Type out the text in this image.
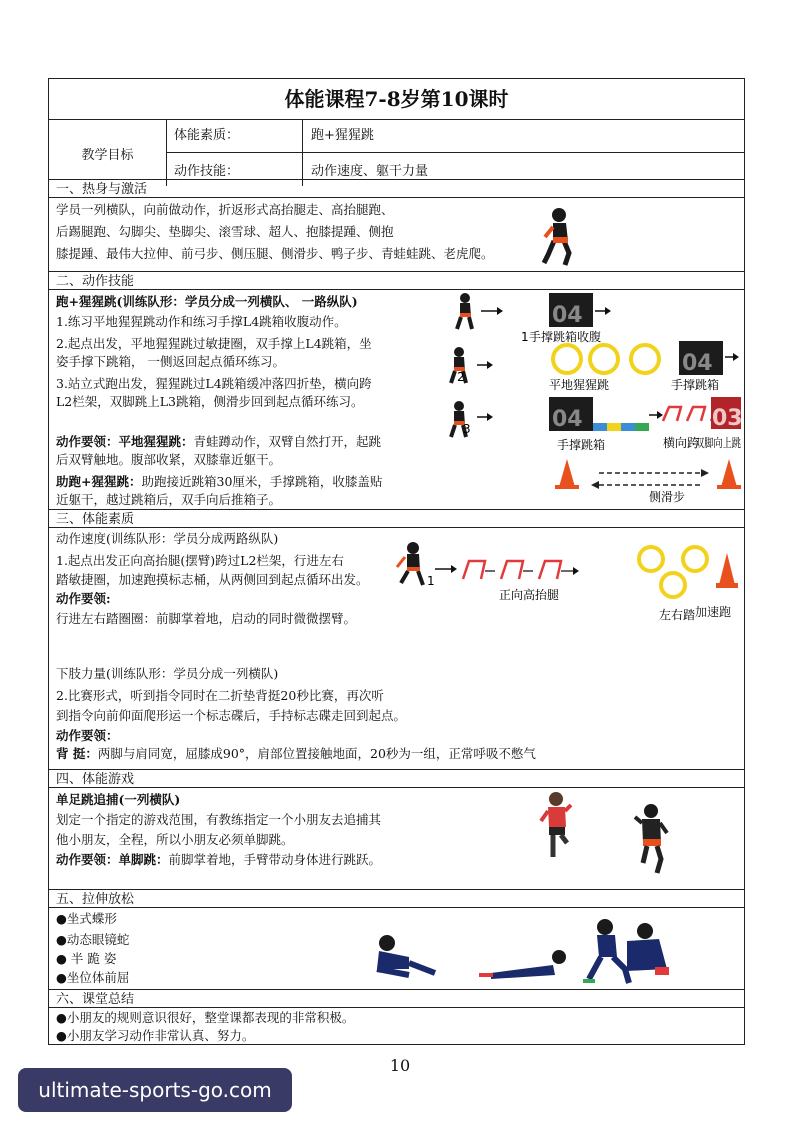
体能课程7-8岁第10课时
教学目标
体能素质：	跑+猩猩跳
动作技能：	动作速度、躯干力量
一、热身与激活
学员一列横队，向前做动作，折返形式高抬腿走、高抬腿跑、
后踢腿跑、勾脚尖、垫脚尖、滚雪球、超人、抱膝提踵、侧抱
膝提踵、最伟大拉伸、前弓步、侧压腿、侧滑步、鸭子步、青蛙蛙跳、老虎爬。
二、动作技能
跑+猩猩跳(训练队形：学员分成一列横队、 一路纵队)
1.练习平地猩猩跳动作和练习手撑L4跳箱收腹动作。
2.起点出发，平地猩猩跳过敏捷圈，双手撑上L4跳箱，坐
姿手撑下跳箱， 一侧返回起点循环练习。
3.站立式跑出发，猩猩跳过L4跳箱缓冲落四折垫，横向跨
L2栏架，双脚跳上L3跳箱，侧滑步回到起点循环练习。
动作要领：平地猩猩跳：青蛙蹲动作，双臂自然打开，起跳
后双臂触地。腹部收紧，双膝靠近躯干。
助跑+猩猩跳：助跑接近跳箱30厘米，手撑跳箱，收膝盖贴
近躯干，越过跳箱后，双手向后推箱子。
04
1 手撑跳箱收腹
2
04
平地猩猩跳	手撑跳箱
3	04	03
手撑跳箱	横向跨
双脚向上跳
侧滑步
三、体能素质
动作速度(训练队形：学员分成两路纵队)
1.起点出发正向高抬腿(摆臂)跨过L2栏架，行进左右
踏敏捷圈，加速跑摸标志桶，从两侧回到起点循环出发。
动作要领:
行进左右踏圈圈：前脚掌着地，启动的同时微微摆臂。
1
正向高抬腿
左右踏 加速跑
下肢力量(训练队形：学员分成一列横队)
2.比赛形式，听到指令同时在二折垫背挺20秒比赛，再次听
到指令向前仰面爬形运一个标志碟后，手持标志碟走回到起点。
动作要领：
背 挺：两脚与肩同宽，屈膝成90°，肩部位置接触地面，20秒为一组，正常呼吸不憋气
四、体能游戏
单足跳追捕(一列横队)
划定一个指定的游戏范围，有教练指定一个小朋友去追捕其
他小朋友，全程，所以小朋友必须单脚跳。
动作要领：单脚跳：前脚掌着地，手臂带动身体进行跳跃。
五、拉伸放松
●坐式蝶形
●动态眼镜蛇
● 半 跪 姿
●坐位体前屈
六、课堂总结
●小朋友的规则意识很好，整堂课都表现的非常积极。
●小朋友学习动作非常认真、努力。
10
ultimate-sports-go.com
